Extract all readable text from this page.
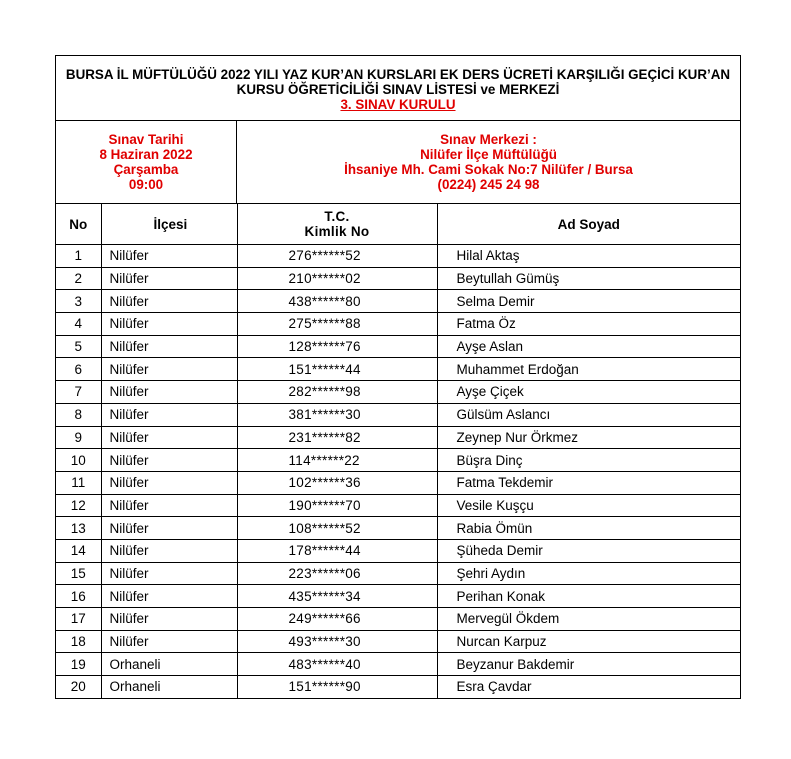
BURSA İL MÜFTÜLÜĞÜ 2022 YILI YAZ KUR’AN KURSLARI EK DERS ÜCRETİ KARŞILIĞI GEÇİCİ KUR’AN
KURSU ÖĞRETİCİLİĞİ SINAV LİSTESİ ve MERKEZİ
3. SINAV KURULU
Sınav Tarihi
8 Haziran 2022
Çarşamba
09:00
Sınav Merkezi :
Nilüfer İlçe Müftülüğü
İhsaniye Mh. Cami Sokak No:7 Nilüfer / Bursa
(0224) 245 24 98
No	İlçesi	T.C.
Kimlik No	Ad Soyad
1	Nilüfer	276******52	Hilal Aktaş
2	Nilüfer	210******02	Beytullah Gümüş
3	Nilüfer	438******80	Selma Demir
4	Nilüfer	275******88	Fatma Öz
5	Nilüfer	128******76	Ayşe Aslan
6	Nilüfer	151******44	Muhammet Erdoğan
7	Nilüfer	282******98	Ayşe Çiçek
8	Nilüfer	381******30	Gülsüm Aslancı
9	Nilüfer	231******82	Zeynep Nur Örkmez
10	Nilüfer	114******22	Büşra Dinç
11	Nilüfer	102******36	Fatma Tekdemir
12	Nilüfer	190******70	Vesile Kuşçu
13	Nilüfer	108******52	Rabia Ömün
14	Nilüfer	178******44	Şüheda Demir
15	Nilüfer	223******06	Şehri Aydın
16	Nilüfer	435******34	Perihan Konak
17	Nilüfer	249******66	Mervegül Ökdem
18	Nilüfer	493******30	Nurcan Karpuz
19	Orhaneli	483******40	Beyzanur Bakdemir
20	Orhaneli	151******90	Esra Çavdar
